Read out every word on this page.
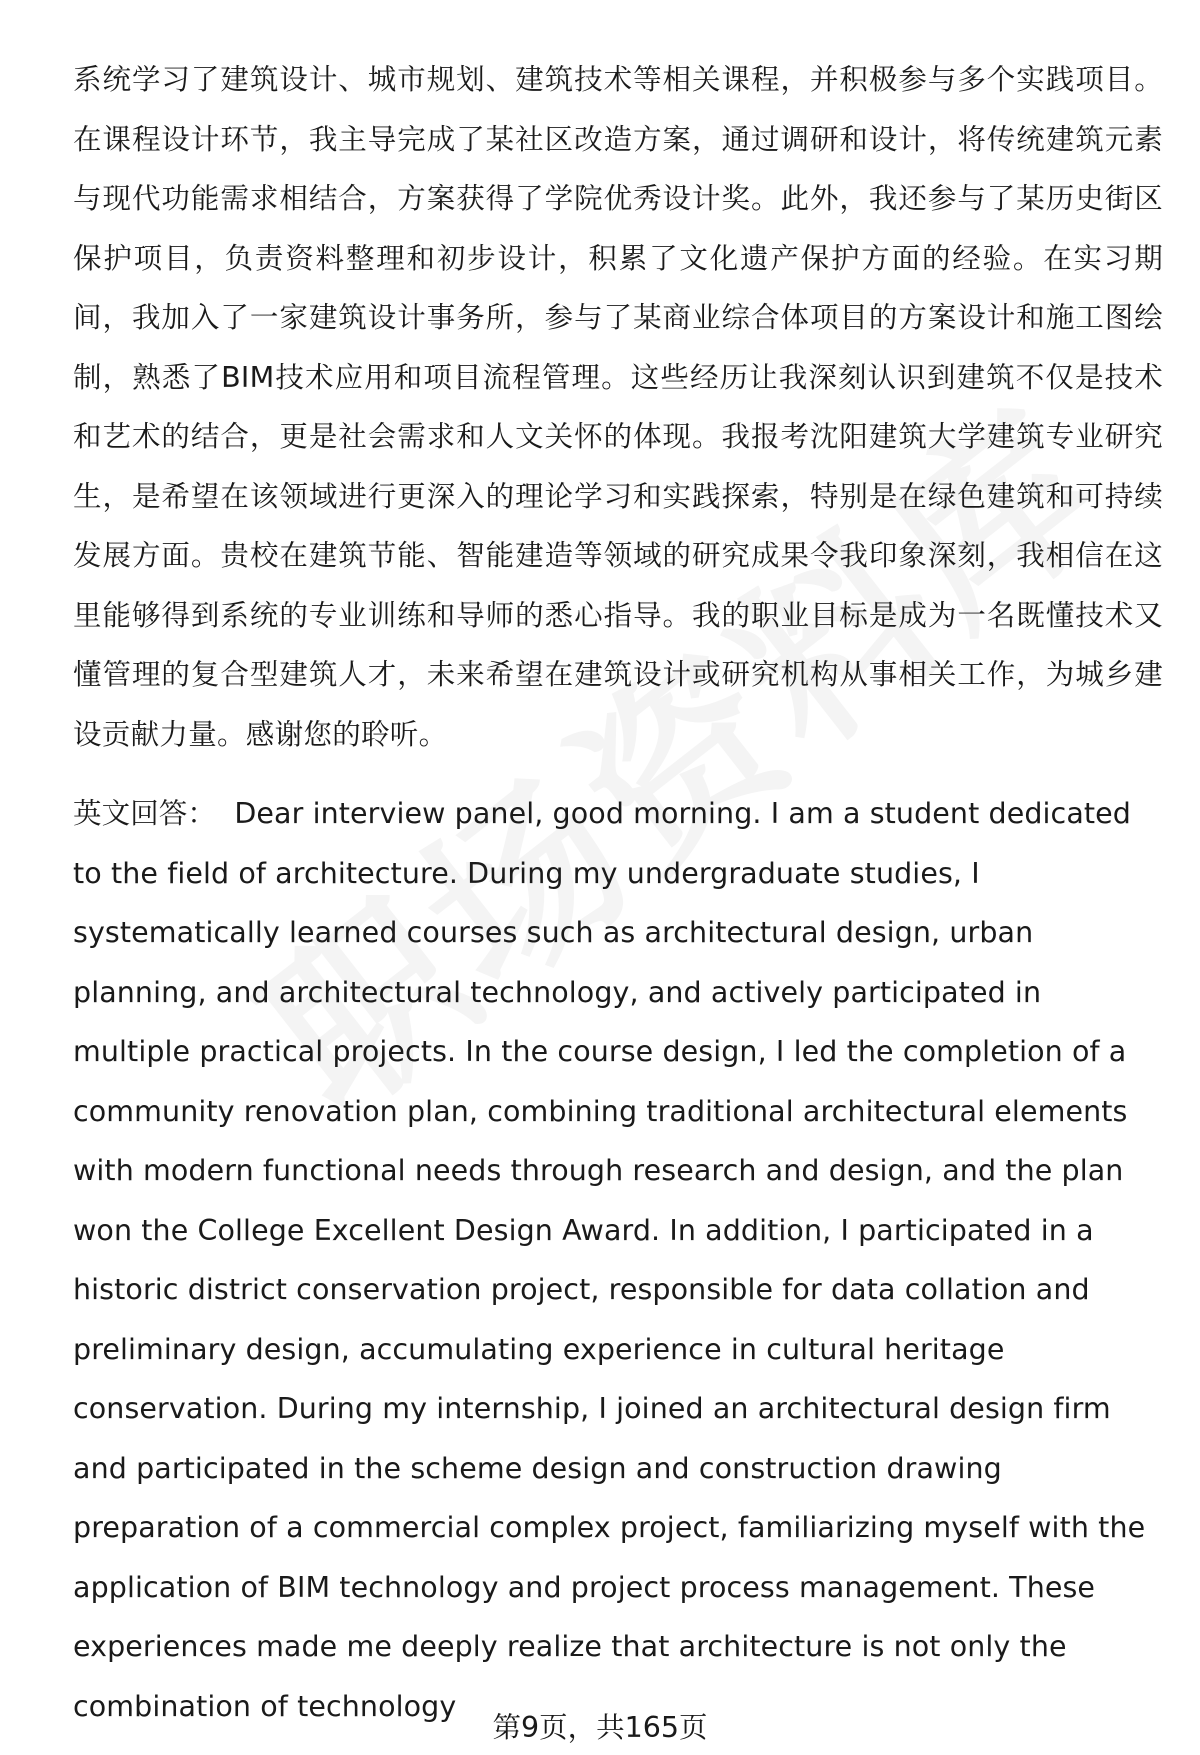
系统学习了建筑设计、城市规划、建筑技术等相关课程，并积极参与多个实践项目。在课程设计环节，我主导完成了某社区改造方案，通过调研和设计，将传统建筑元素与现代功能需求相结合，方案获得了学院优秀设计奖。此外，我还参与了某历史街区保护项目，负责资料整理和初步设计，积累了文化遗产保护方面的经验。在实习期间，我加入了一家建筑设计事务所，参与了某商业综合体项目的方案设计和施工图绘制，熟悉了BIM技术应用和项目流程管理。这些经历让我深刻认识到建筑不仅是技术和艺术的结合，更是社会需求和人文关怀的体现。我报考沈阳建筑大学建筑专业研究生，是希望在该领域进行更深入的理论学习和实践探索，特别是在绿色建筑和可持续发展方面。贵校在建筑节能、智能建造等领域的研究成果令我印象深刻，我相信在这里能够得到系统的专业训练和导师的悉心指导。我的职业目标是成为一名既懂技术又懂管理的复合型建筑人才，未来希望在建筑设计或研究机构从事相关工作，为城乡建设贡献力量。感谢您的聆听。

英文回答： Dear interview panel, good morning. I am a student dedicated to the field of architecture. During my undergraduate studies, I systematically learned courses such as architectural design, urban planning, and architectural technology, and actively participated in multiple practical projects. In the course design, I led the completion of a community renovation plan, combining traditional architectural elements with modern functional needs through research and design, and the plan won the College Excellent Design Award. In addition, I participated in a historic district conservation project, responsible for data collation and preliminary design, accumulating experience in cultural heritage conservation. During my internship, I joined an architectural design firm and participated in the scheme design and construction drawing preparation of a commercial complex project, familiarizing myself with the application of BIM technology and project process management. These experiences made me deeply realize that architecture is not only the combination of technology

第9页，共165页
